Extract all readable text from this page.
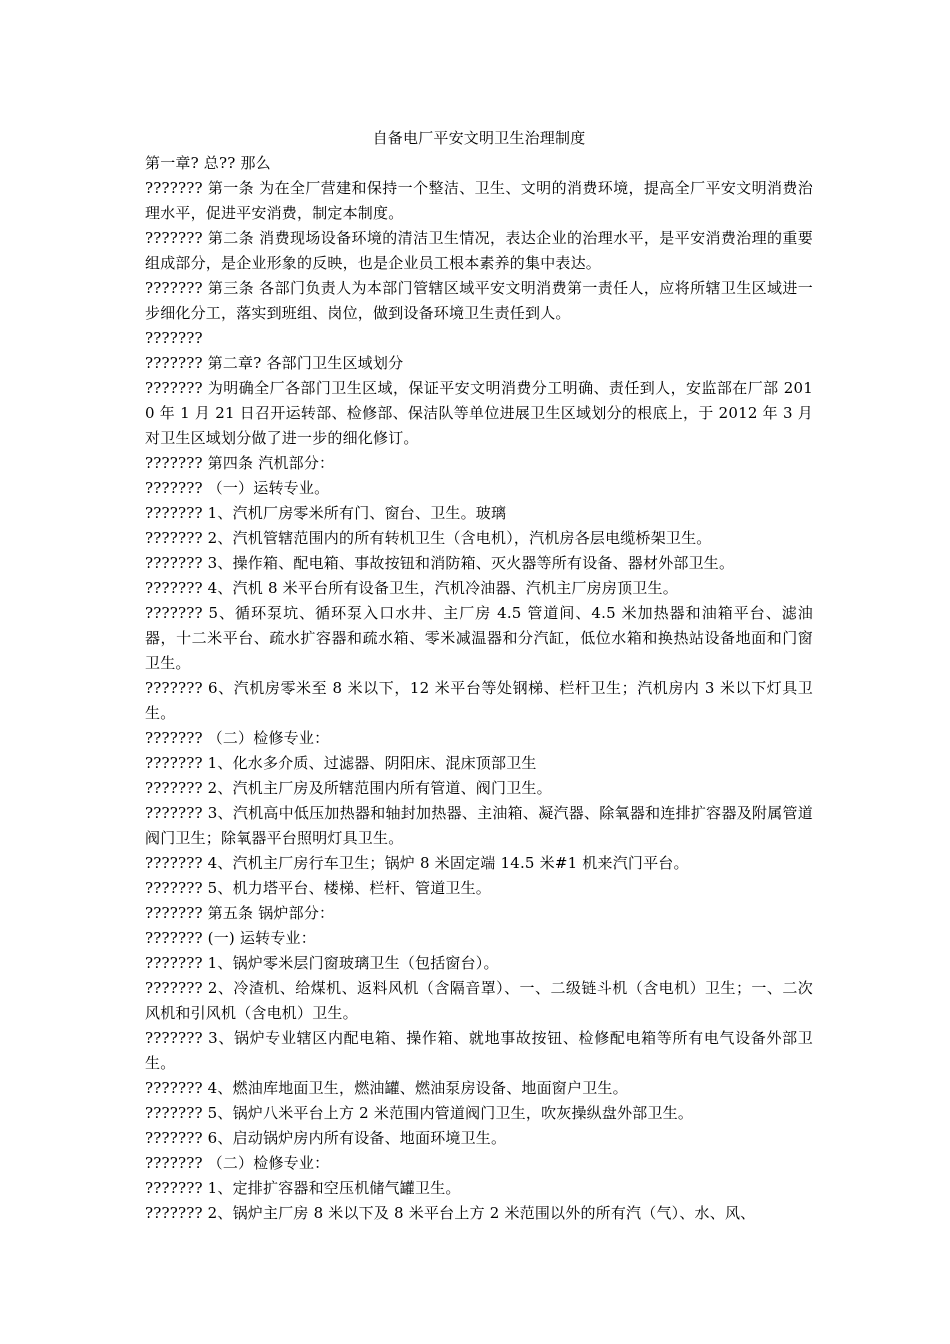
自备电厂平安文明卫生治理制度

第一章? 总?? 那么

??????? 第一条 为在全厂营建和保持一个整洁、卫生、文明的消费环境，提高全厂平安文明消费治理水平，促进平安消费，制定本制度。

??????? 第二条 消费现场设备环境的清洁卫生情况，表达企业的治理水平，是平安消费治理的重要组成部分，是企业形象的反映，也是企业员工根本素养的集中表达。

??????? 第三条 各部门负责人为本部门管辖区域平安文明消费第一责任人，应将所辖卫生区域进一步细化分工，落实到班组、岗位，做到设备环境卫生责任到人。

???????

??????? 第二章? 各部门卫生区域划分

??????? 为明确全厂各部门卫生区域，保证平安文明消费分工明确、责任到人，安监部在厂部 2010 年 1 月 21 日召开运转部、检修部、保洁队等单位进展卫生区域划分的根底上，于 2012 年 3 月对卫生区域划分做了进一步的细化修订。

??????? 第四条 汽机部分：

??????? （一）运转专业。

??????? 1、汽机厂房零米所有门、窗台、卫生。玻璃

??????? 2、汽机管辖范围内的所有转机卫生（含电机），汽机房各层电缆桥架卫生。

??????? 3、操作箱、配电箱、事故按钮和消防箱、灭火器等所有设备、器材外部卫生。

??????? 4、汽机 8 米平台所有设备卫生，汽机冷油器、汽机主厂房房顶卫生。

??????? 5、循环泵坑、循环泵入口水井、主厂房 4.5 管道间、4.5 米加热器和油箱平台、滤油器，十二米平台、疏水扩容器和疏水箱、零米减温器和分汽缸，低位水箱和换热站设备地面和门窗卫生。

??????? 6、汽机房零米至 8 米以下，12 米平台等处钢梯、栏杆卫生；汽机房内 3 米以下灯具卫生。

??????? （二）检修专业：

??????? 1、化水多介质、过滤器、阴阳床、混床顶部卫生

??????? 2、汽机主厂房及所辖范围内所有管道、阀门卫生。

??????? 3、汽机高中低压加热器和轴封加热器、主油箱、凝汽器、除氧器和连排扩容器及附属管道阀门卫生；除氧器平台照明灯具卫生。

??????? 4、汽机主厂房行车卫生；锅炉 8 米固定端 14.5 米#1 机来汽门平台。

??????? 5、机力塔平台、楼梯、栏杆、管道卫生。

??????? 第五条 锅炉部分：

??????? (一) 运转专业：

??????? 1、锅炉零米层门窗玻璃卫生（包括窗台）。

??????? 2、冷渣机、给煤机、返料风机（含隔音罩）、一、二级链斗机（含电机）卫生；一、二次风机和引风机（含电机）卫生。

??????? 3、锅炉专业辖区内配电箱、操作箱、就地事故按钮、检修配电箱等所有电气设备外部卫生。

??????? 4、燃油库地面卫生，燃油罐、燃油泵房设备、地面窗户卫生。

??????? 5、锅炉八米平台上方 2 米范围内管道阀门卫生，吹灰操纵盘外部卫生。

??????? 6、启动锅炉房内所有设备、地面环境卫生。

??????? （二）检修专业：

??????? 1、定排扩容器和空压机储气罐卫生。

??????? 2、锅炉主厂房 8 米以下及 8 米平台上方 2 米范围以外的所有汽（气）、水、风、
